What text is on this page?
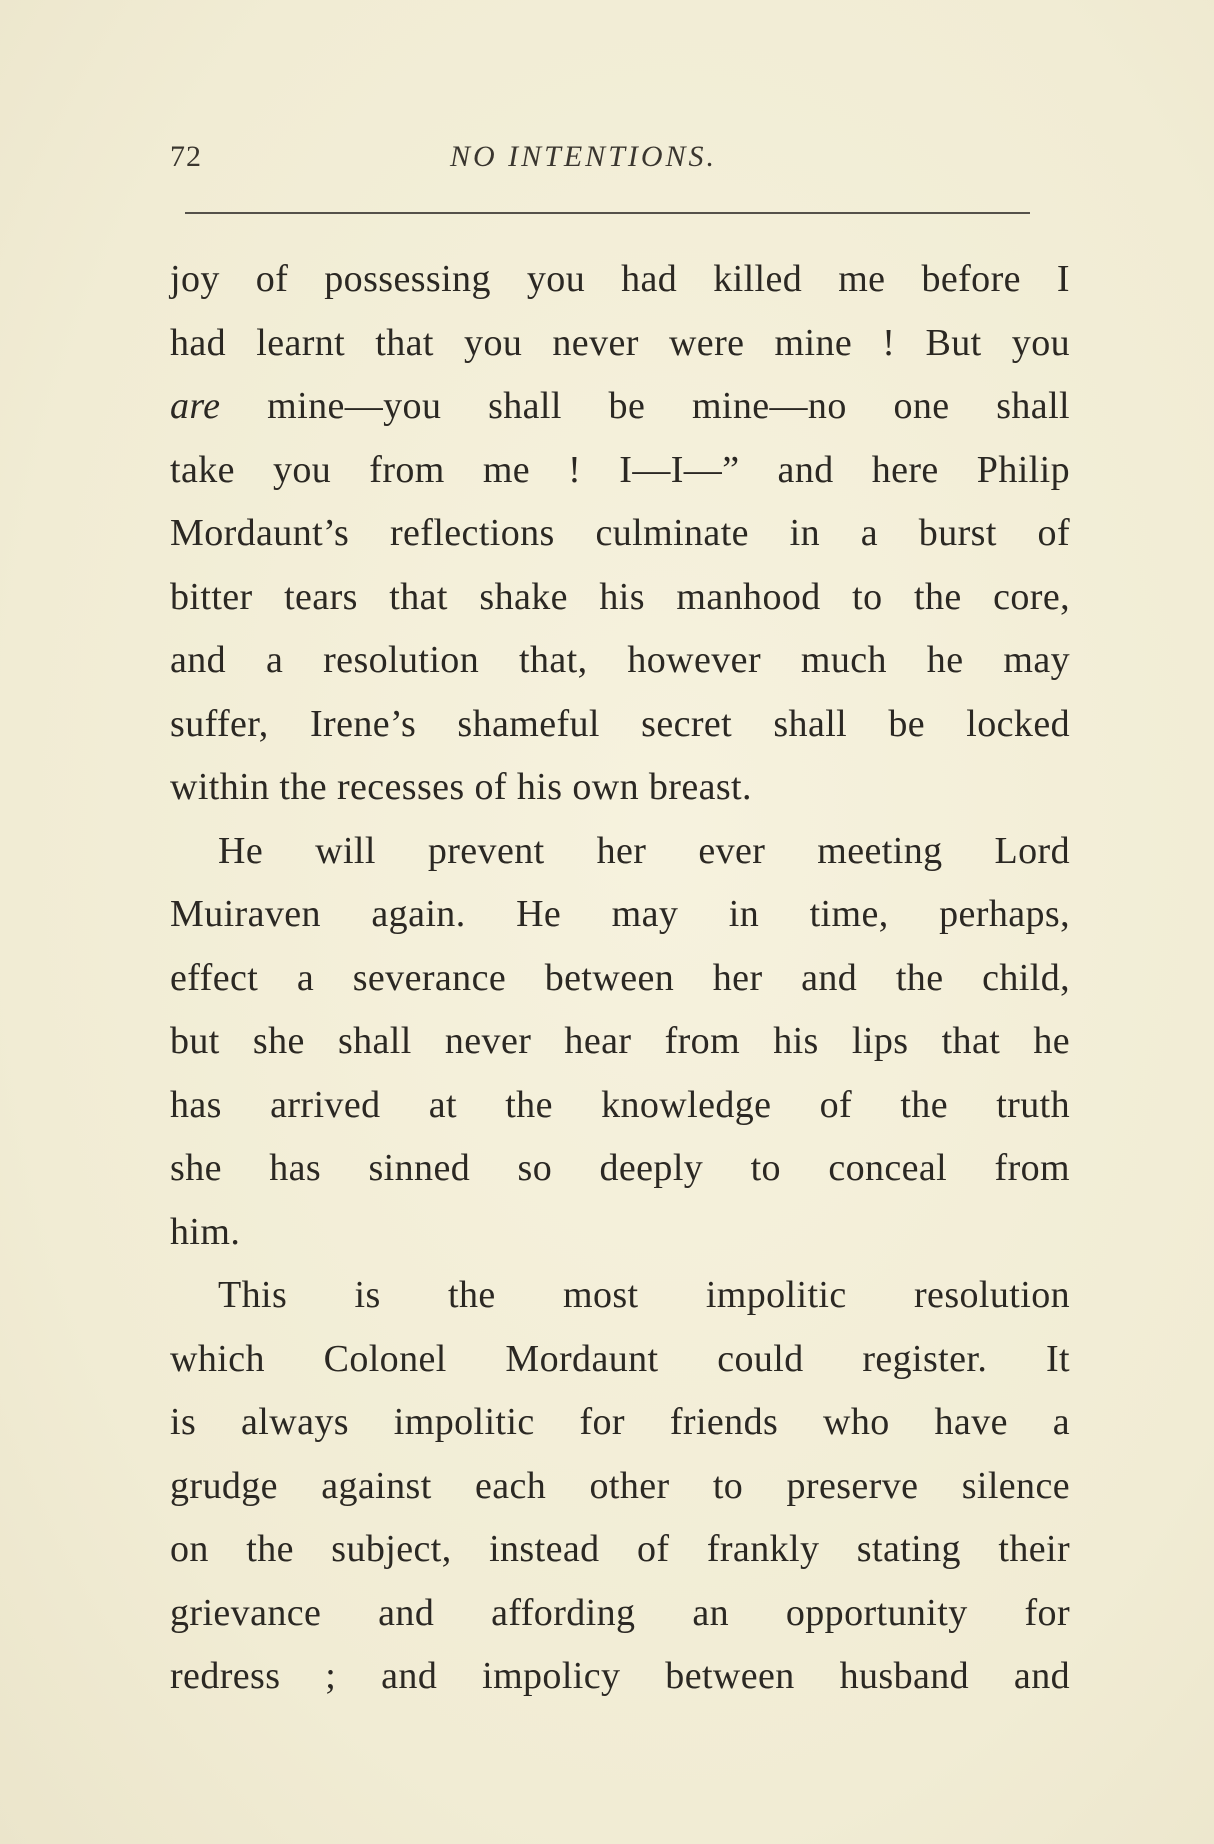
72	NO INTENTIONS.
joy of possessing you had killed me before I
had learnt that you never were mine ! But you
are mine—you shall be mine—no one shall
take you from me ! I—I—” and here Philip
Mordaunt’s reflections culminate in a burst of
bitter tears that shake his manhood to the core,
and a resolution that, however much he may
suffer, Irene’s shameful secret shall be locked
within the recesses of his own breast.
He will prevent her ever meeting Lord
Muiraven again. He may in time, perhaps,
effect a severance between her and the child,
but she shall never hear from his lips that he
has arrived at the knowledge of the truth
she has sinned so deeply to conceal from
him.
This is the most impolitic resolution
which Colonel Mordaunt could register. It
is always impolitic for friends who have a
grudge against each other to preserve silence
on the subject, instead of frankly stating their
grievance and affording an opportunity for
redress ; and impolicy between husband and
